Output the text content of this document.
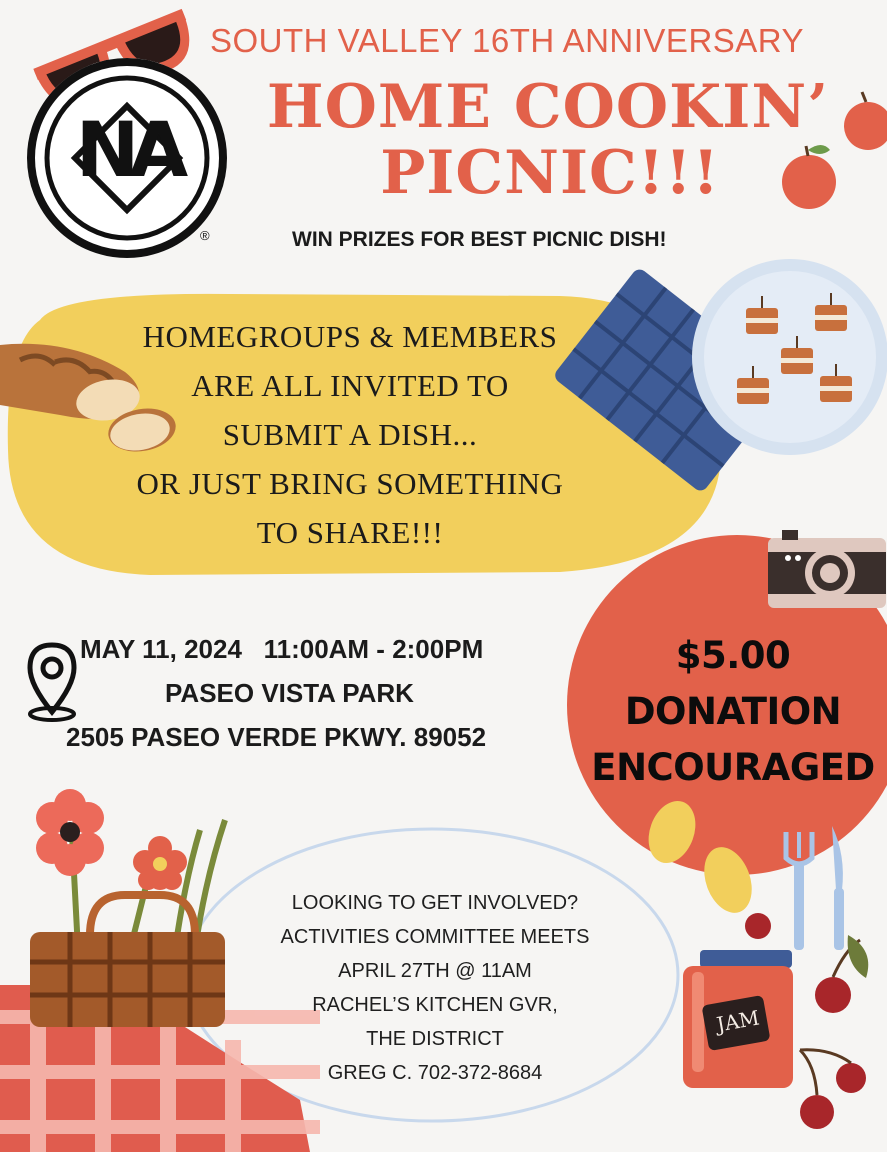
NA
®
SOUTH VALLEY 16TH ANNIVERSARY
HOME COOKIN’
PICNIC!!!
WIN PRIZES FOR BEST PICNIC DISH!
HOMEGROUPS & MEMBERS
ARE ALL INVITED TO
SUBMIT A DISH...
OR JUST BRING SOMETHING
TO SHARE!!!
MAY 11, 2024   11:00AM - 2:00PM
PASEO VISTA PARK
2505 PASEO VERDE PKWY. 89052
$5.00
DONATION
ENCOURAGED
LOOKING TO GET INVOLVED?
ACTIVITIES COMMITTEE MEETS
APRIL 27TH @ 11AM
RACHEL’S KITCHEN GVR,
THE DISTRICT
GREG C. 702-372-8684
JAM
